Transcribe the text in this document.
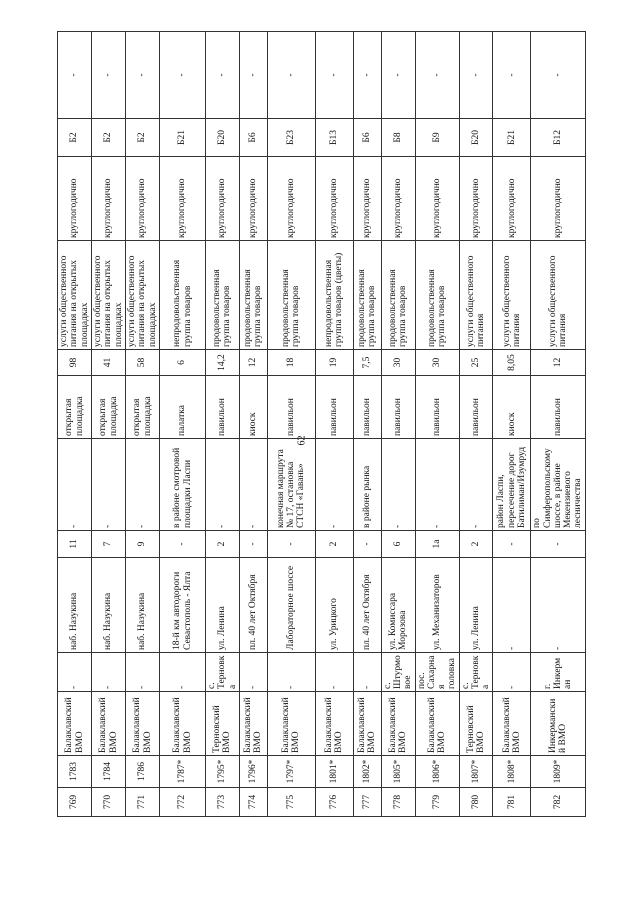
62
769	1783	Балаклавский ВМО	-	наб. Назукина	11	-	открытая площадка	98	услуги общественного питания на открытых площадках	круглогодично	Б2	-
770	1784	Балаклавский ВМО	-	наб. Назукина	7	-	открытая площадка	41	услуги общественного питания на открытых площадках	круглогодично	Б2	-
771	1786	Балаклавский ВМО	-	наб. Назукина	9	-	открытая площадка	58	услуги общественного питания на открытых площадках	круглогодично	Б2	-
772	1787*	Балаклавский ВМО	-	18-й км автодороги Севастополь - Ялта	-	в районе смотровой площадки Ласпи	палатка	6	непродовольственная группа товаров	круглогодично	Б21	-
773	1795*	Терновский ВМО	с. Терновка	ул. Ленина	2	-	павильон	14,2	продовольственная группа товаров	круглогодично	Б20	-
774	1796*	Балаклавский ВМО	-	пл. 40 лет Октября	-	-	киоск	12	продовольственная группа товаров	круглогодично	Б6	-
775	1797*	Балаклавский ВМО	-	Лабораторное шоссе	-	конечная маршрута № 17, остановка СТСН «Гавань»	павильон	18	продовольственная группа товаров	круглогодично	Б23	-
776	1801*	Балаклавский ВМО	-	ул. Урицкого	2	-	павильон	19	непродовольственная группа товаров (цветы)	круглогодично	Б13	-
777	1802*	Балаклавский ВМО	-	пл. 40 лет Октября	-	в районе рынка	павильон	7,5	продовольственная группа товаров	круглогодично	Б6	-
778	1805*	Балаклавский ВМО	с. Штурмовое	ул. Комиссара Морозова	6	-	павильон	30	продовольственная группа товаров	круглогодично	Б8	-
779	1806*	Балаклавский ВМО	пос. Сахарная головка	ул. Механизаторов	1а	-	павильон	30	продовольственная группа товаров	круглогодично	Б9	-
780	1807*	Терновский ВМО	с. Терновка	ул. Ленина	2	-	павильон	25	услуги общественного питания	круглогодично	Б20	-
781	1808*	Балаклавский ВМО	-	-	-	район Ласпи, пересечение дорог Батилиман/Изумруд	киоск	8,05	услуги общественного питания	круглогодично	Б21	-
782	1809*	Инкерманский ВМО	г. Инкерман	-	-	по Симферопольскому шоссе, в районе Мекензиевого лесничества	павильон	12	услуги общественного питания	круглогодично	Б12	-
